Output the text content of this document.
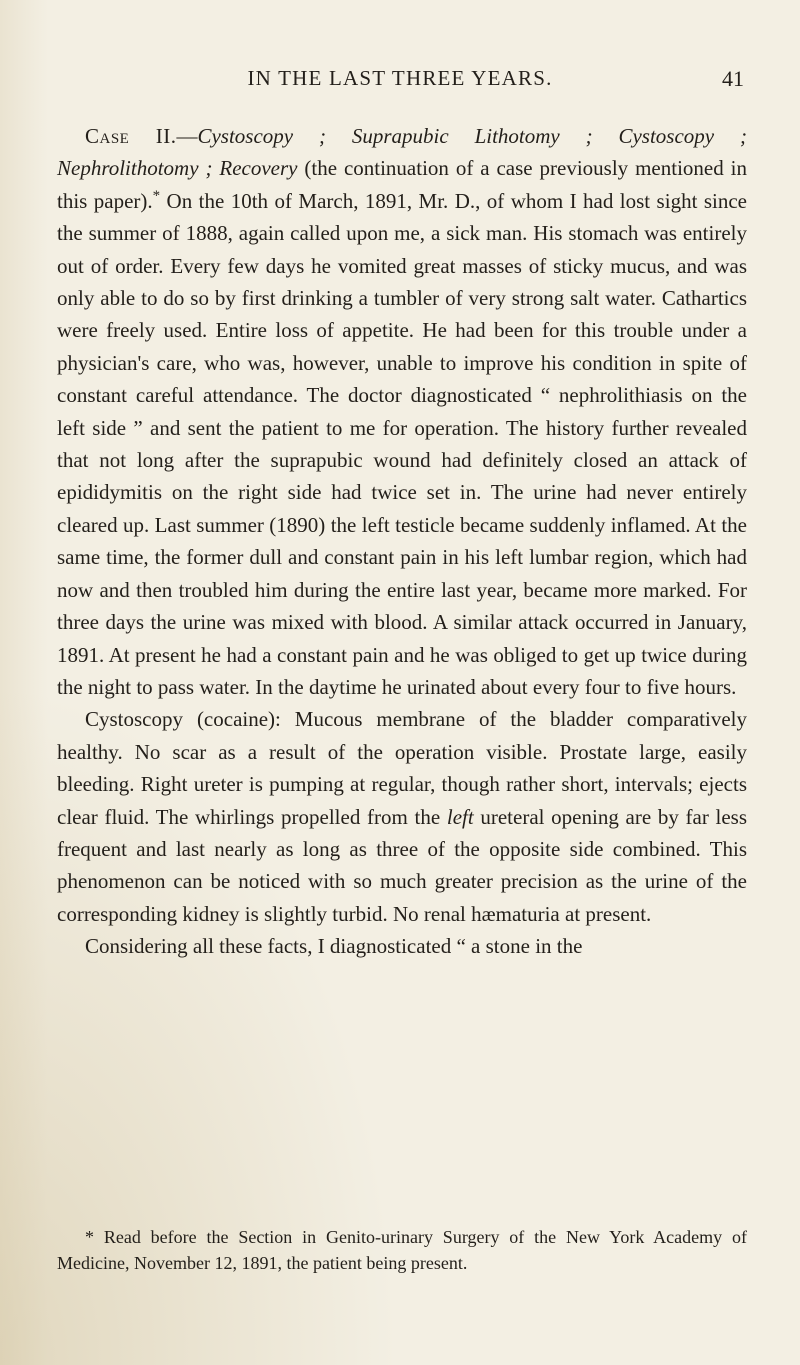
IN THE LAST THREE YEARS.	41

Case II.—Cystoscopy ; Suprapubic Lithotomy ; Cystoscopy ; Nephrolithotomy ; Recovery (the continuation of a case previously mentioned in this paper).* On the 10th of March, 1891, Mr. D., of whom I had lost sight since the summer of 1888, again called upon me, a sick man. His stomach was entirely out of order. Every few days he vomited great masses of sticky mucus, and was only able to do so by first drinking a tumbler of very strong salt water. Cathartics were freely used. Entire loss of appetite. He had been for this trouble under a physician's care, who was, however, unable to improve his condition in spite of constant careful attendance. The doctor diagnosticated “ nephrolithiasis on the left side ” and sent the patient to me for operation. The history further revealed that not long after the suprapubic wound had definitely closed an attack of epididymitis on the right side had twice set in. The urine had never entirely cleared up. Last summer (1890) the left testicle became suddenly inflamed. At the same time, the former dull and constant pain in his left lumbar region, which had now and then troubled him during the entire last year, became more marked. For three days the urine was mixed with blood. A similar attack occurred in January, 1891. At present he had a constant pain and he was obliged to get up twice during the night to pass water. In the daytime he urinated about every four to five hours.

Cystoscopy (cocaine): Mucous membrane of the bladder comparatively healthy. No scar as a result of the operation visible. Prostate large, easily bleeding. Right ureter is pumping at regular, though rather short, intervals; ejects clear fluid. The whirlings propelled from the left ureteral opening are by far less frequent and last nearly as long as three of the opposite side combined. This phenomenon can be noticed with so much greater precision as the urine of the corresponding kidney is slightly turbid. No renal hæmaturia at present.

Considering all these facts, I diagnosticated “ a stone in the

* Read before the Section in Genito-urinary Surgery of the New York Academy of Medicine, November 12, 1891, the patient being present.
